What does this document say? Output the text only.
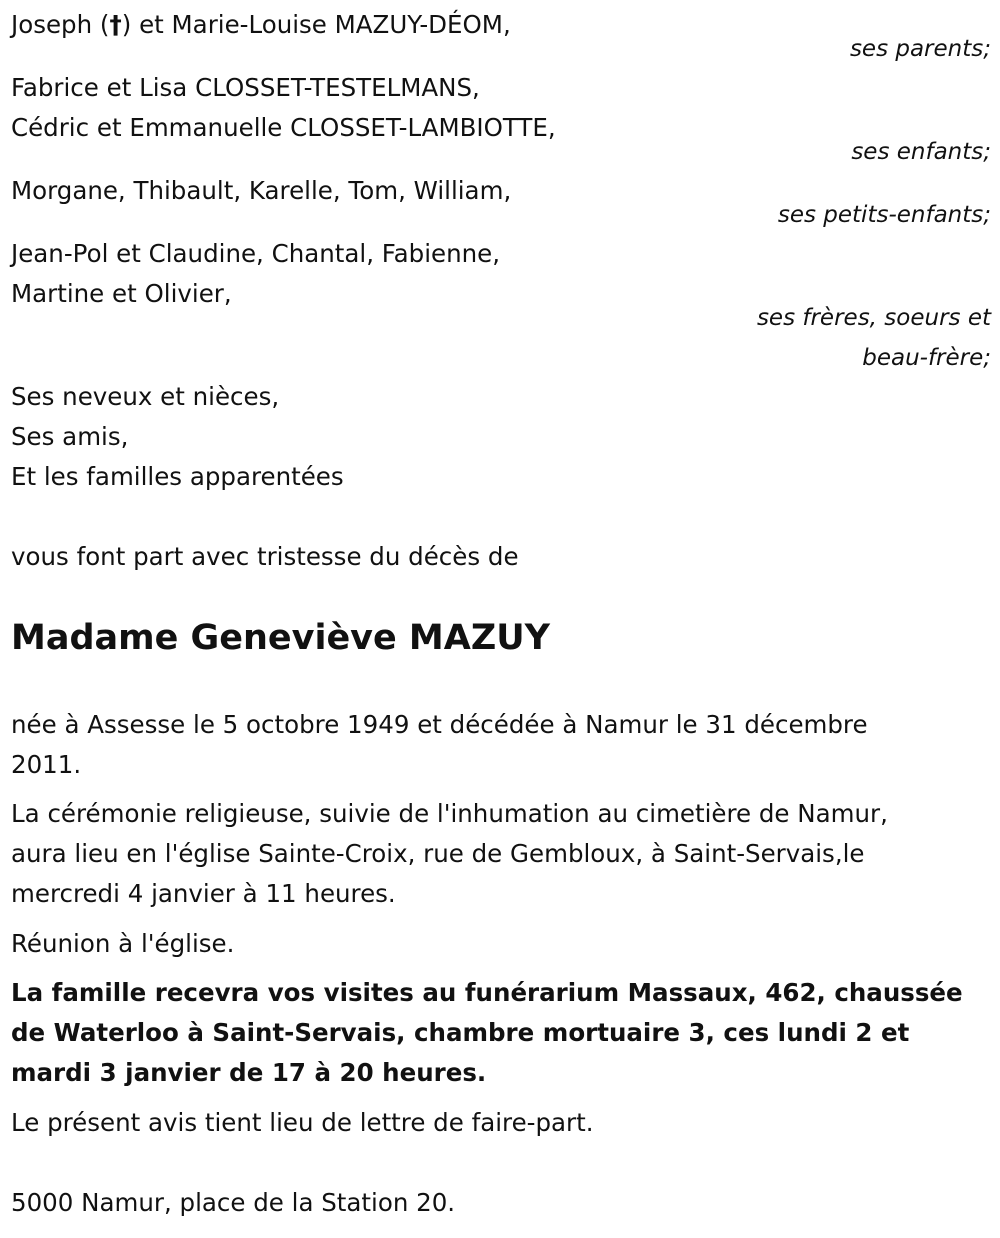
Joseph (†) et Marie-Louise MAZUY-DÉOM,
ses parents;
Fabrice et Lisa CLOSSET-TESTELMANS,
Cédric et Emmanuelle CLOSSET-LAMBIOTTE,
ses enfants;
Morgane, Thibault, Karelle, Tom, William,
ses petits-enfants;
Jean-Pol et Claudine, Chantal, Fabienne,
Martine et Olivier,
ses frères, soeurs et
beau-frère;
Ses neveux et nièces,
Ses amis,
Et les familles apparentées
vous font part avec tristesse du décès de
Madame Geneviève MAZUY
née à Assesse le 5 octobre 1949 et décédée à Namur le 31 décembre
2011.
La cérémonie religieuse, suivie de l'inhumation au cimetière de Namur,
aura lieu en l'église Sainte-Croix, rue de Gembloux, à Saint-Servais,le
mercredi 4 janvier à 11 heures.
Réunion à l'église.
La famille recevra vos visites au funérarium Massaux, 462, chaussée
de Waterloo à Saint-Servais, chambre mortuaire 3, ces lundi 2 et
mardi 3 janvier de 17 à 20 heures.
Le présent avis tient lieu de lettre de faire-part.
5000 Namur, place de la Station 20.
